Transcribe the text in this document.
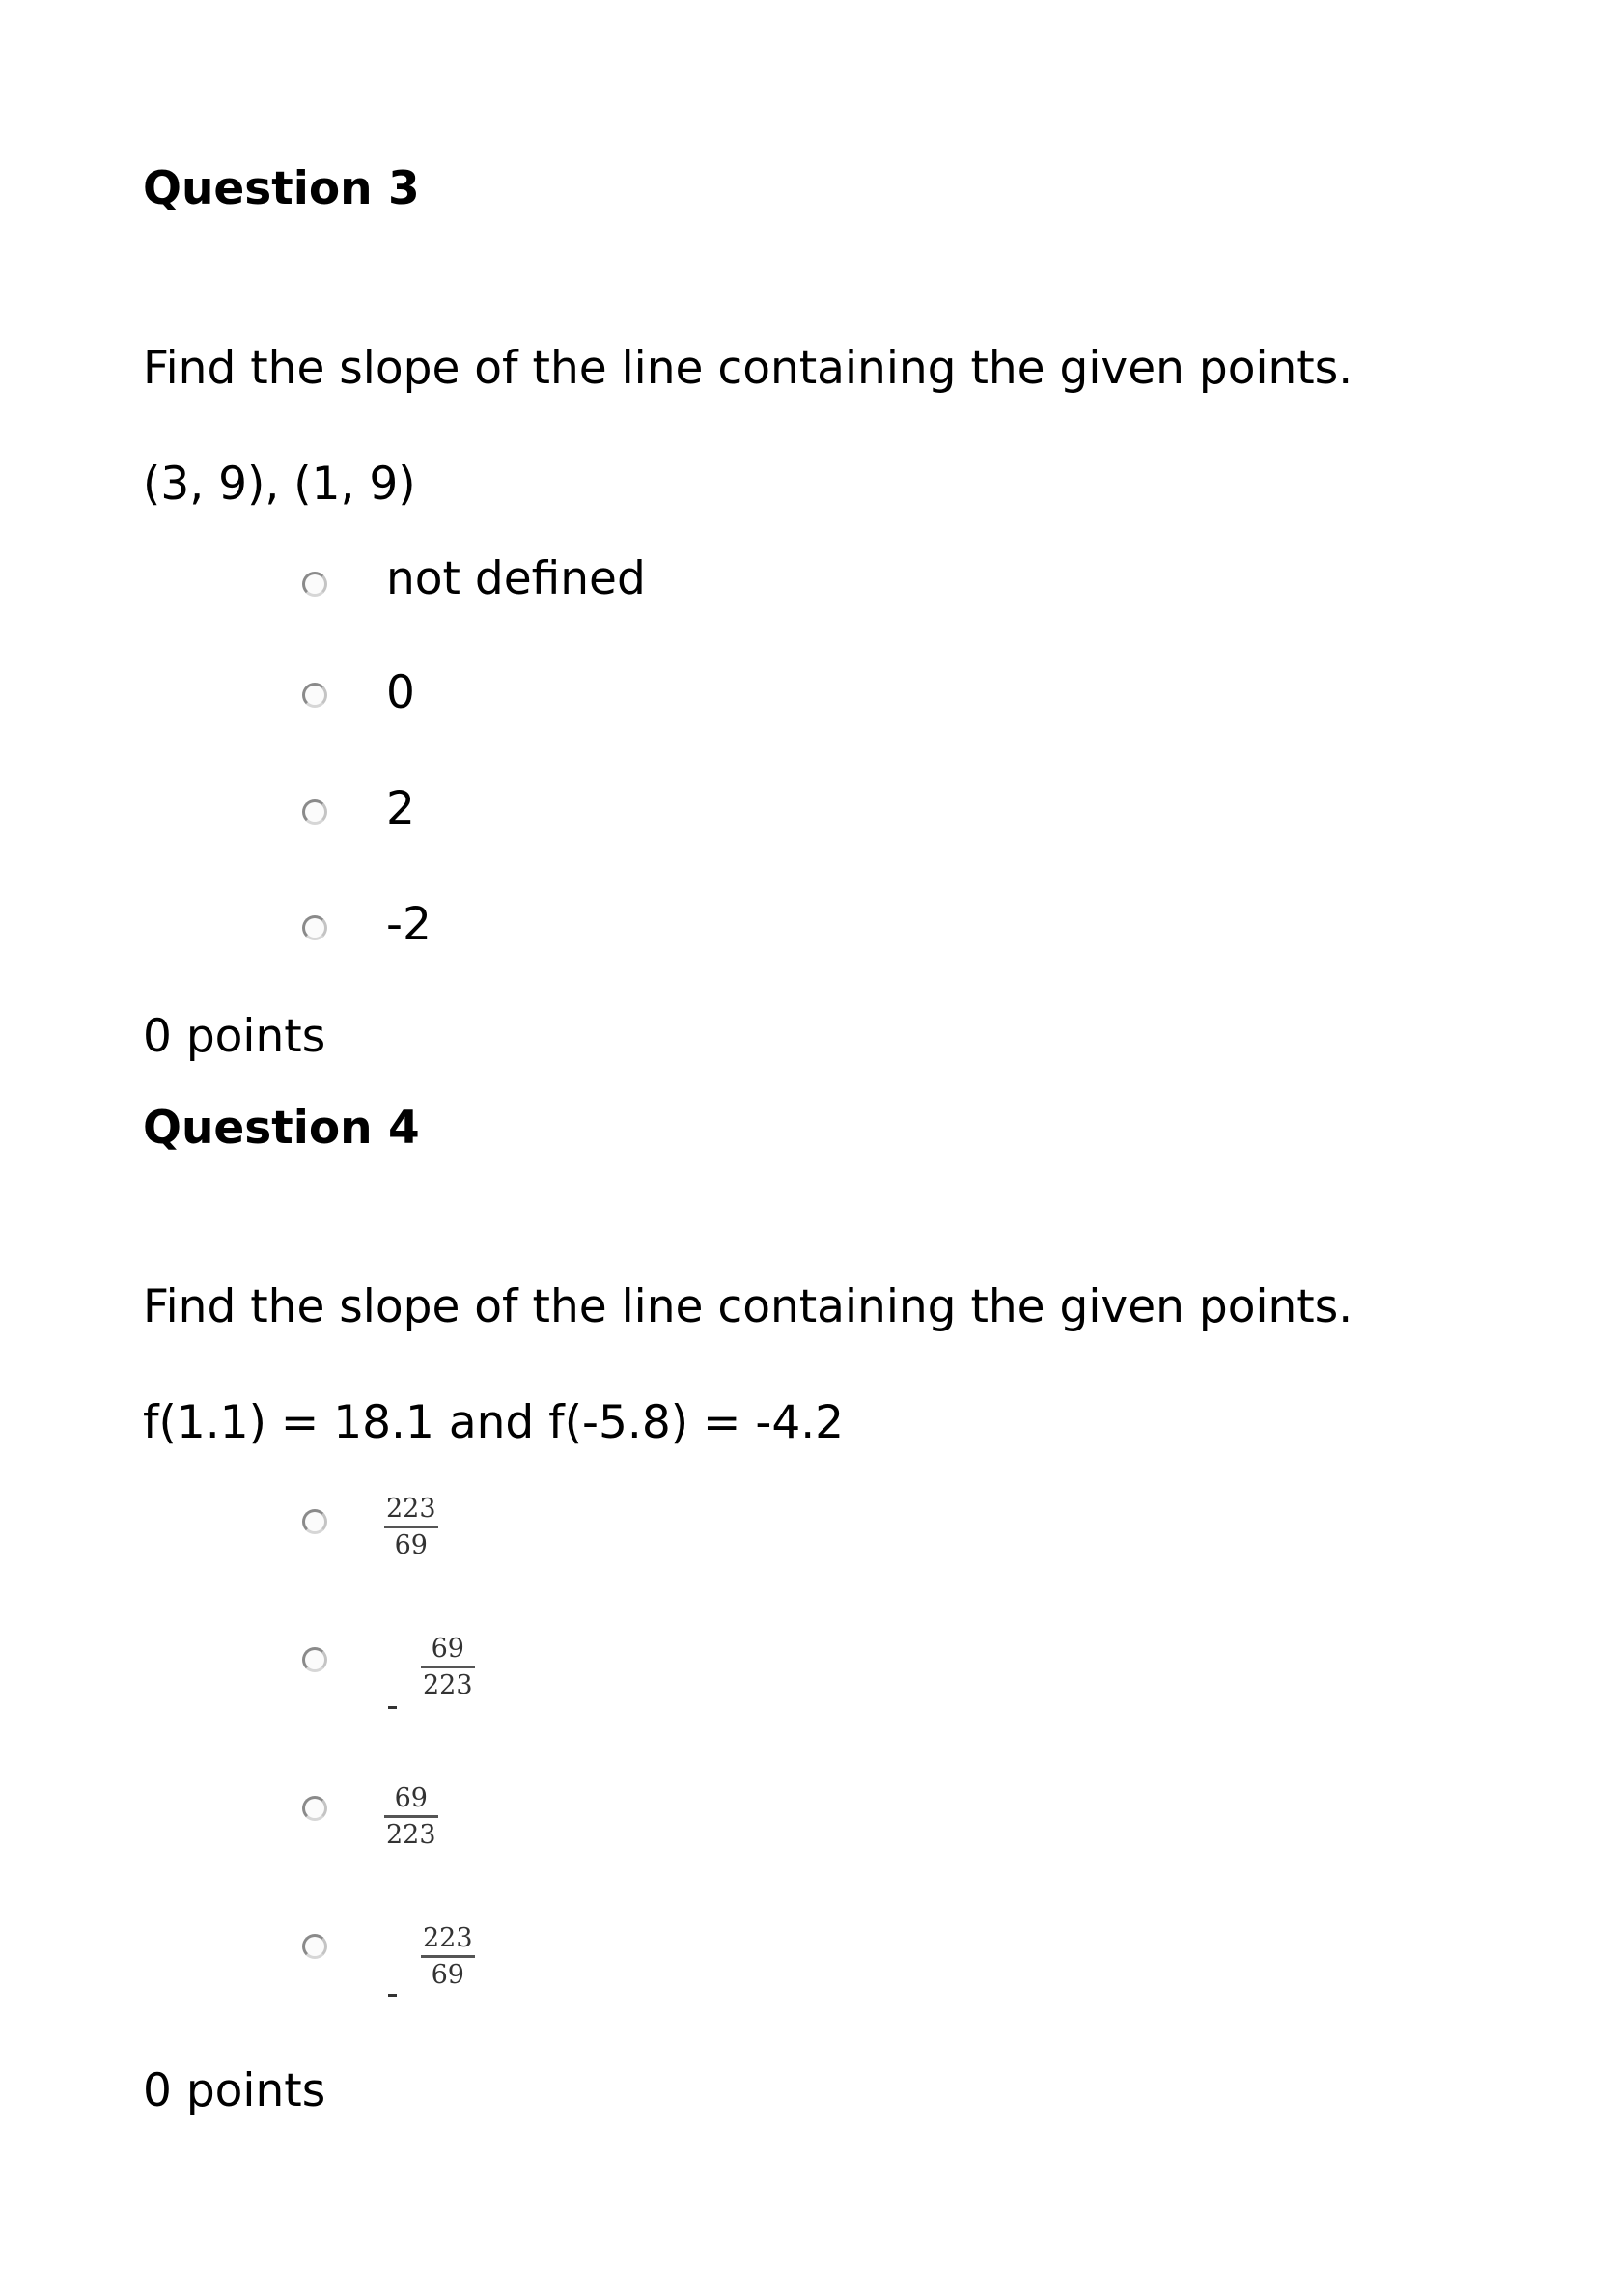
Question 3
Find the slope of the line containing the given points.
(3, 9), (1, 9)
not defined
0
2
-2
0 points
Question 4
Find the slope of the line containing the given points.
f(1.1) = 18.1 and f(-5.8) = -4.2
223
69
69
223
69
223
223
69
0 points
